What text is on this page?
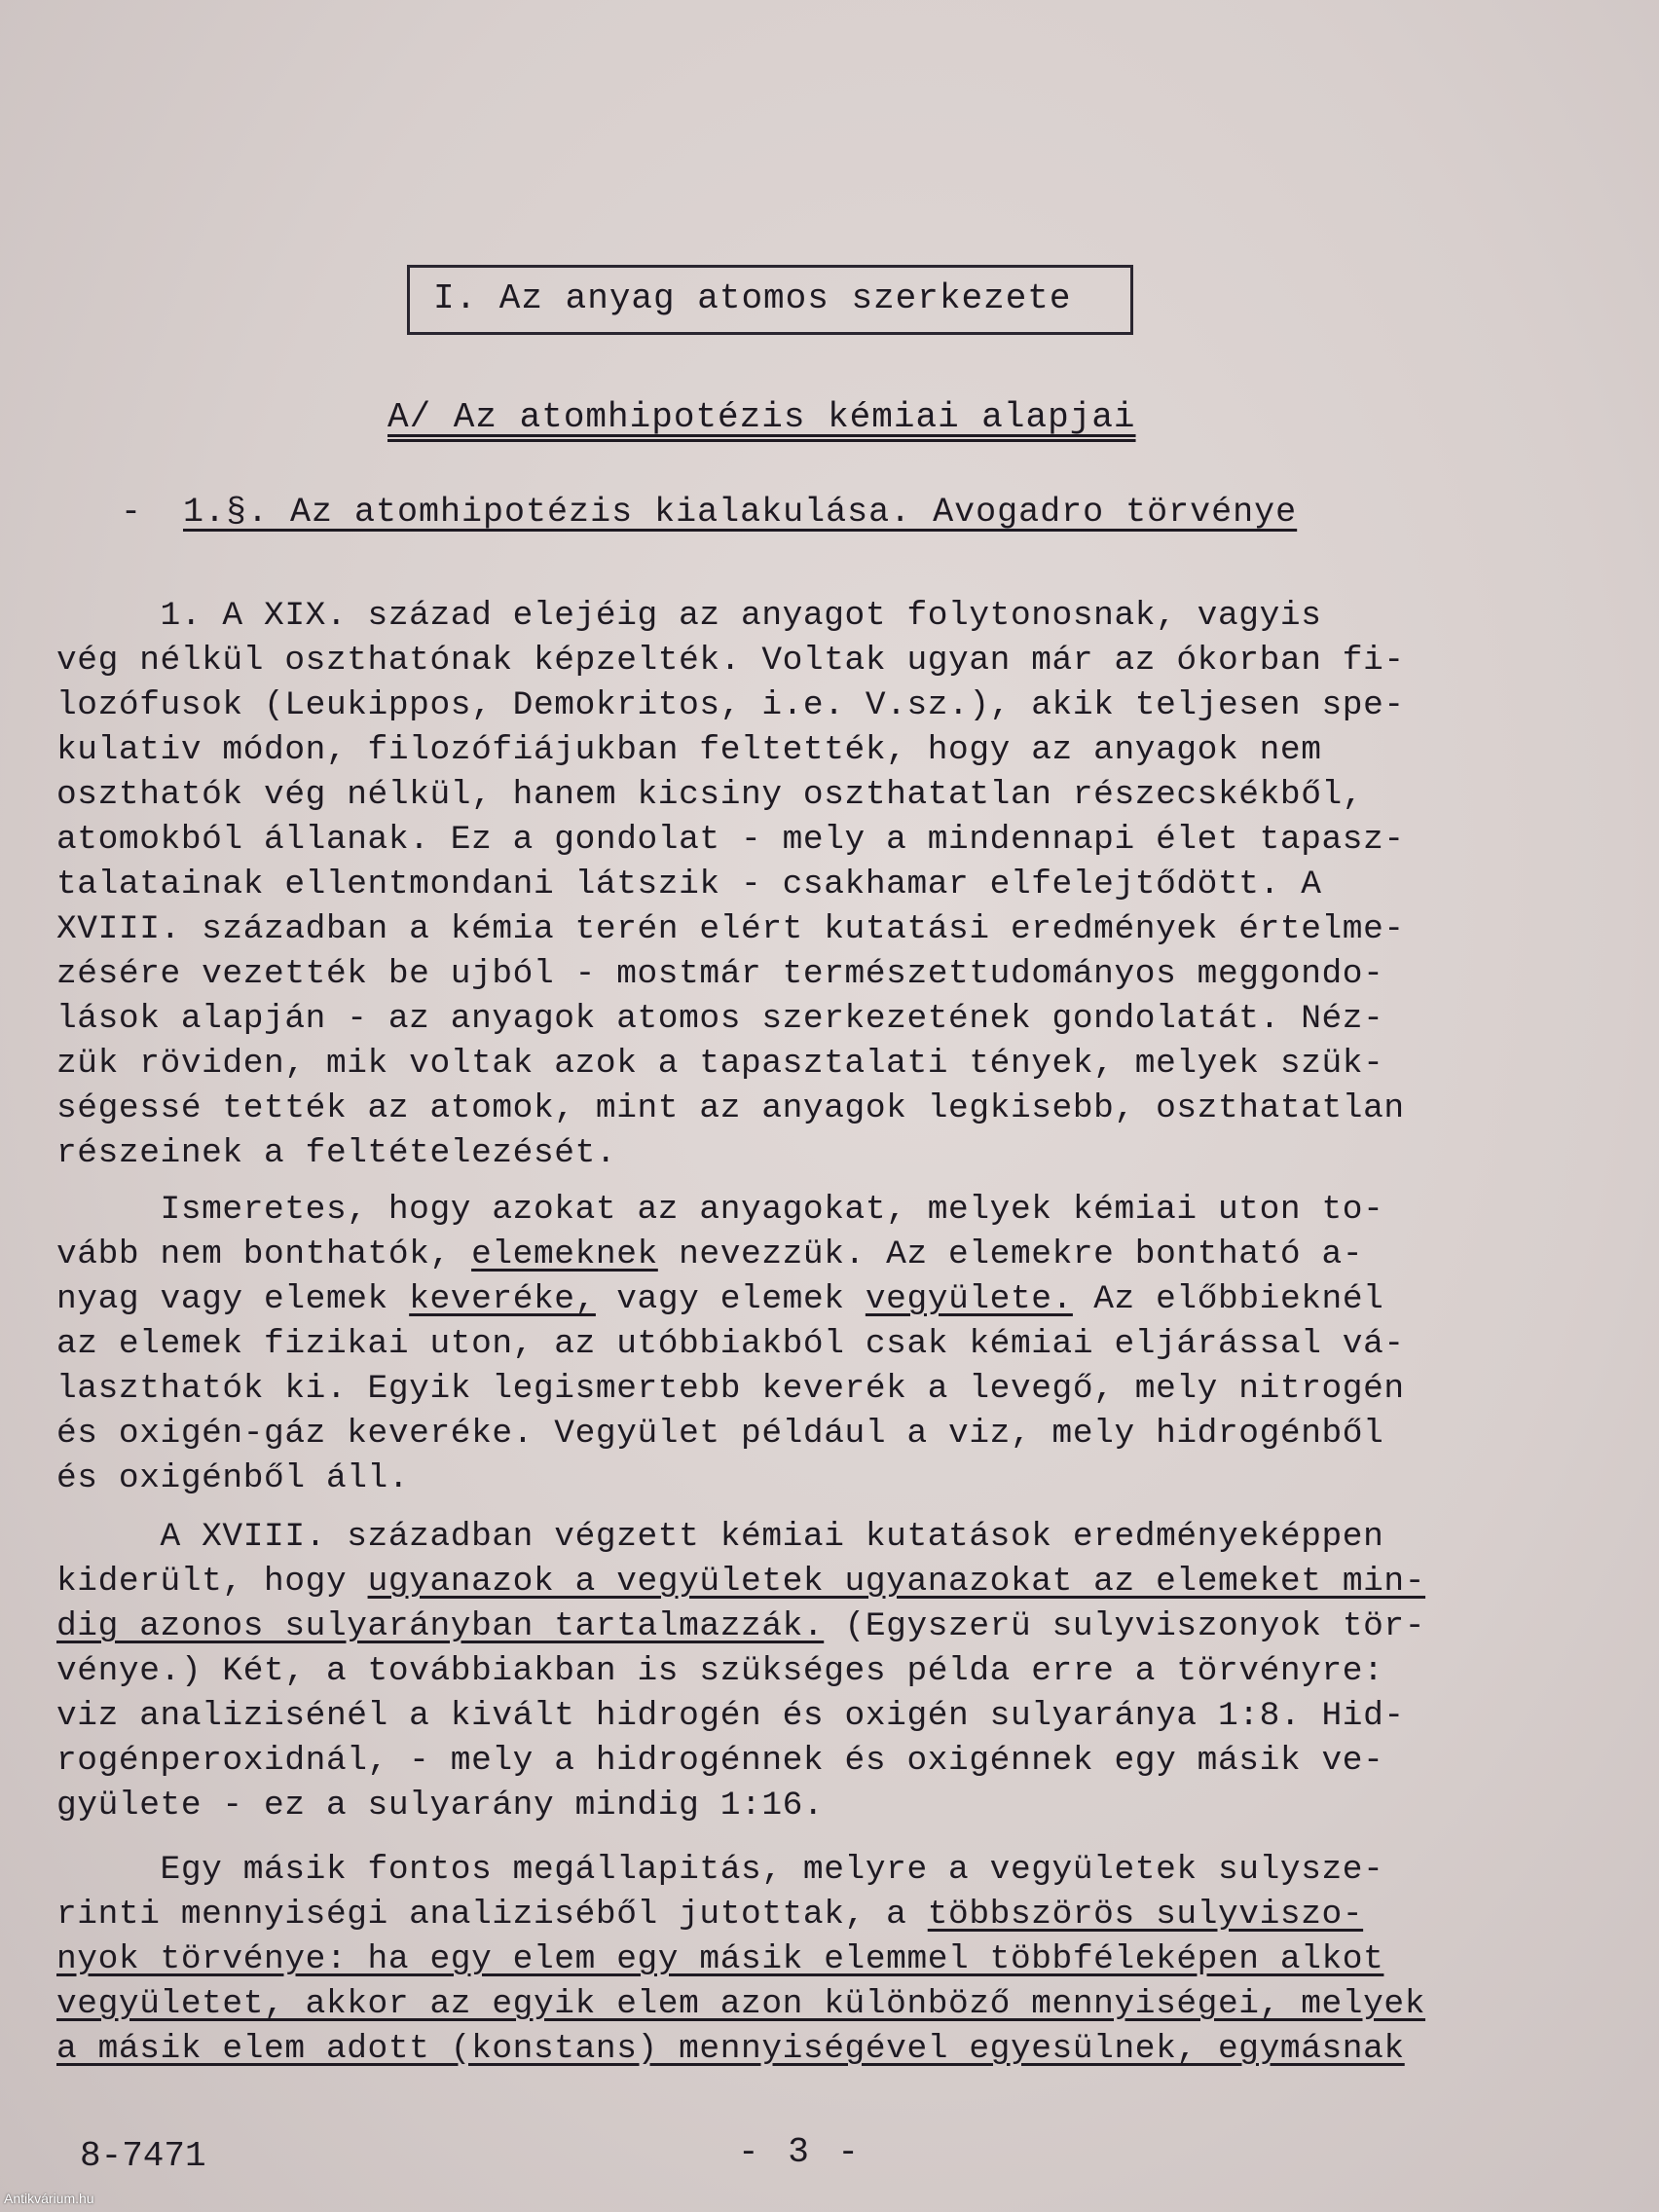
I. Az anyag atomos szerkezete
A/ Az atomhipotézis kémiai alapjai
- 1.§. Az atomhipotézis kialakulása. Avogadro törvénye
1. A XIX. század elejéig az anyagot folytonosnak, vagyis
vég nélkül oszthatónak képzelték. Voltak ugyan már az ókorban fi-
lozófusok (Leukippos, Demokritos, i.e. V.sz.), akik teljesen spe-
kulativ módon, filozófiájukban feltették, hogy az anyagok nem
oszthatók vég nélkül, hanem kicsiny oszthatatlan részecskékből,
atomokból állanak. Ez a gondolat - mely a mindennapi élet tapasz-
talatainak ellentmondani látszik - csakhamar elfelejtődött. A
XVIII. században a kémia terén elért kutatási eredmények értelme-
zésére vezették be ujból - mostmár természettudományos meggondo-
lások alapján - az anyagok atomos szerkezetének gondolatát. Néz-
zük röviden, mik voltak azok a tapasztalati tények, melyek szük-
ségessé tették az atomok, mint az anyagok legkisebb, oszthatatlan
részeinek a feltételezését.
Ismeretes, hogy azokat az anyagokat, melyek kémiai uton to-
vább nem bonthatók, elemeknek nevezzük. Az elemekre bontható a-
nyag vagy elemek keveréke, vagy elemek vegyülete. Az előbbieknél
az elemek fizikai uton, az utóbbiakból csak kémiai eljárással vá-
laszthatók ki. Egyik legismertebb keverék a levegő, mely nitrogén
és oxigén-gáz keveréke. Vegyület például a viz, mely hidrogénből
és oxigénből áll.
A XVIII. században végzett kémiai kutatások eredményeképpen
kiderült, hogy ugyanazok a vegyületek ugyanazokat az elemeket min-
dig azonos sulyarányban tartalmazzák. (Egyszerü sulyviszonyok tör-
vénye.) Két, a továbbiakban is szükséges példa erre a törvényre:
viz analizisénél a kivált hidrogén és oxigén sulyaránya 1:8. Hid-
rogénperoxidnál, - mely a hidrogénnek és oxigénnek egy másik ve-
gyülete - ez a sulyarány mindig 1:16.
Egy másik fontos megállapitás, melyre a vegyületek sulysze-
rinti mennyiségi analiziséből jutottak, a többszörös sulyviszo-
nyok törvénye: ha egy elem egy másik elemmel többféleképen alkot
vegyületet, akkor az egyik elem azon különböző mennyiségei, melyek
a másik elem adott (konstans) mennyiségével egyesülnek, egymásnak
8-7471	- 3 -
Antikvárium.hu
